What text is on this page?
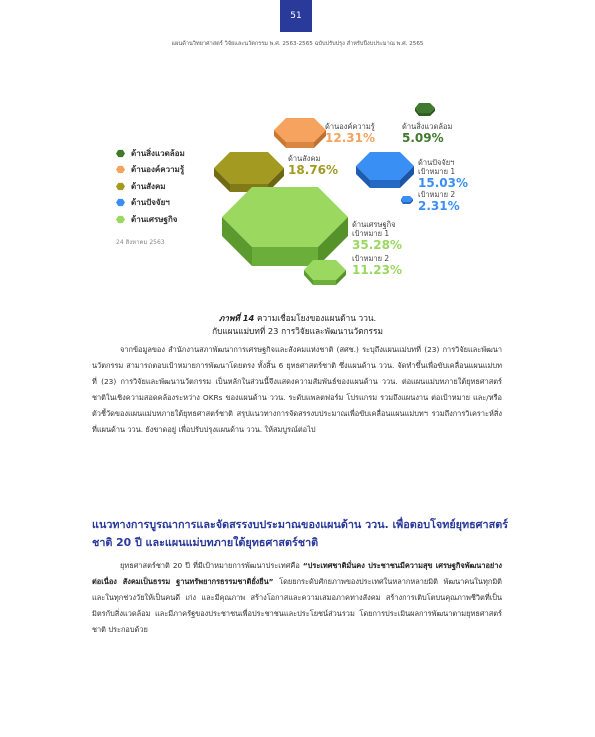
51
แผนด้านวิทยาศาสตร์ วิจัยและนวัตกรรม พ.ศ. 2563-2565 ฉบับปรับปรุง สำหรับปีงบประมาณ พ.ศ. 2565
ด้านองค์ความรู้
12.31%
ด้านสิ่งแวดล้อม
5.09%
ด้านสังคม
18.76%
ด้านปัจจัยฯ
เป้าหมาย 1
15.03%
เป้าหมาย 2
2.31%
ด้านเศรษฐกิจ
เป้าหมาย 1
35.28%
เป้าหมาย 2
11.23%
ด้านสิ่งแวดล้อม
ด้านองค์ความรู้
ด้านสังคม
ด้านปัจจัยฯ
ด้านเศรษฐกิจ
24 สิงหาคม 2563
ภาพที่ 14 ความเชื่อมโยงของแผนด้าน ววน.
กับแผนแม่บทที่ 23 การวิจัยและพัฒนานวัตกรรม
จากข้อมูลของ สำนักงานสภาพัฒนาการเศรษฐกิจและสังคมแห่งชาติ (สศช.) ระบุถึงแผนแม่บทที่ (23) การวิจัยและพัฒนานวัตกรรม สามารถตอบเป้าหมายการพัฒนาโดยตรง ทั้งสิ้น 6 ยุทธศาสตร์ชาติ ซึ่งแผนด้าน ววน. จัดทำขึ้นเพื่อขับเคลื่อนแผนแม่บทที่ (23) การวิจัยและพัฒนานวัตกรรม เป็นหลักในส่วนนี้จึงแสดงความสัมพันธ์ของแผนด้าน ววน. ต่อแผนแม่บทภายใต้ยุทธศาสตร์ชาติในเชิงความสอดคล้องระหว่าง OKRs ของแผนด้าน ววน. ระดับแพลตฟอร์ม โปรแกรม รวมถึงแผนงาน ต่อเป้าหมาย และ/หรือ ตัวชี้วัดของแผนแม่บทภายใต้ยุทธศาสตร์ชาติ สรุปแนวทางการจัดสรรงบประมาณเพื่อขับเคลื่อนแผนแม่บทฯ รวมถึงการวิเคราะห์สิ่งที่แผนด้าน ววน. ยังขาดอยู่ เพื่อปรับปรุงแผนด้าน ววน. ให้สมบูรณ์ต่อไป
แนวทางการบูรณาการและจัดสรรงบประมาณของแผนด้าน ววน. เพื่อตอบโจทย์ยุทธศาสตร์ชาติ 20 ปี และแผนแม่บทภายใต้ยุทธศาสตร์ชาติ
ยุทธศาสตร์ชาติ 20 ปี ที่มีเป้าหมายการพัฒนาประเทศคือ “ประเทศชาติมั่นคง ประชาชนมีความสุข เศรษฐกิจพัฒนาอย่างต่อเนื่อง สังคมเป็นธรรม ฐานทรัพยากรธรรมชาติยั่งยืน” โดยยกระดับศักยภาพของประเทศในหลากหลายมิติ พัฒนาคนในทุกมิติและในทุกช่วงวัยให้เป็นคนดี เก่ง และมีคุณภาพ สร้างโอกาสและความเสมอภาคทางสังคม สร้างการเติบโตบนคุณภาพชีวิตที่เป็นมิตรกับสิ่งแวดล้อม และมีภาครัฐของประชาชนเพื่อประชาชนและประโยชน์ส่วนรวม โดยการประเมินผลการพัฒนาตามยุทธศาสตร์ชาติ ประกอบด้วย
